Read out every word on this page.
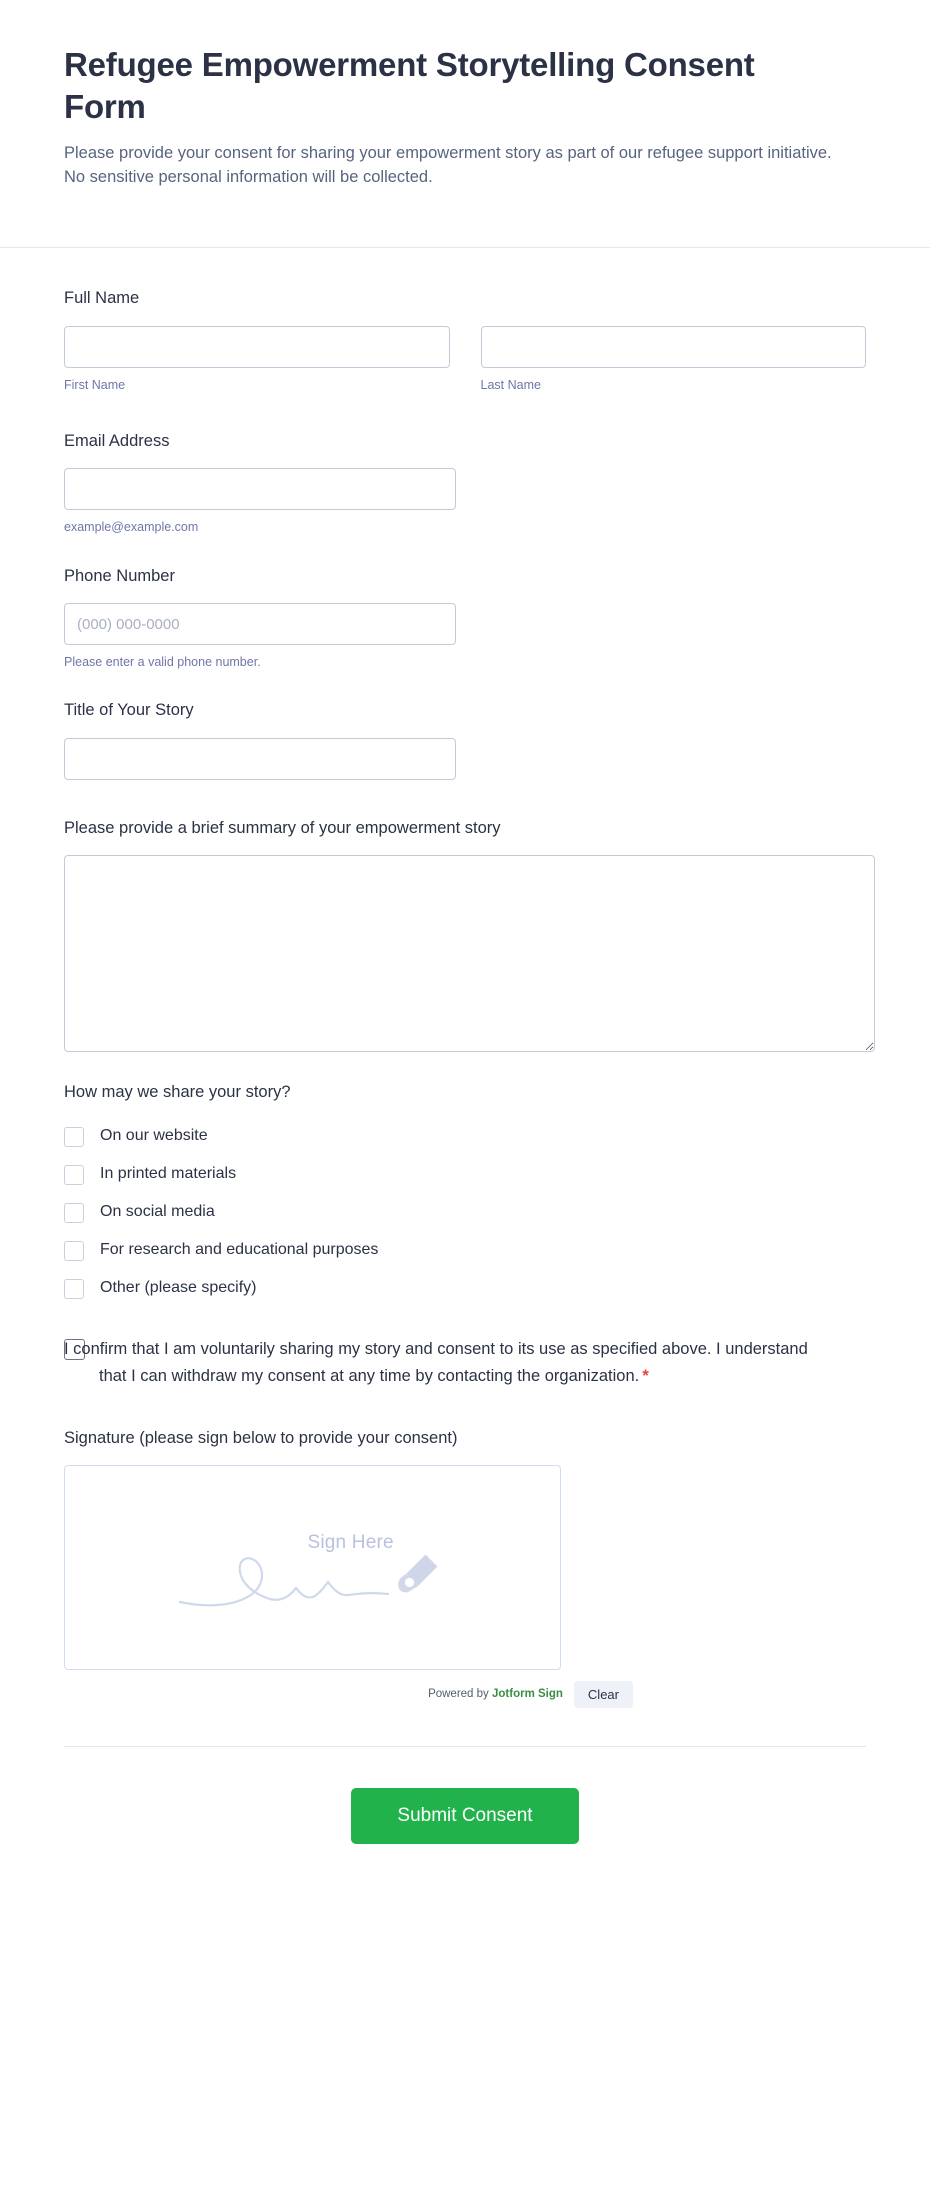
Refugee Empowerment Storytelling Consent Form

Please provide your consent for sharing your empowerment story as part of our refugee support initiative. No sensitive personal information will be collected.

Full Name
First Name	Last Name
Email Address
example@example.com
Phone Number
(000) 000-0000
Please enter a valid phone number.
Title of Your Story
Please provide a brief summary of your empowerment story
How may we share your story?
On our website
In printed materials
On social media
For research and educational purposes
Other (please specify)
I confirm that I am voluntarily sharing my story and consent to its use as specified above. I understand that I can withdraw my consent at any time by contacting the organization. *
Signature (please sign below to provide your consent)
Sign Here
Powered by Jotform Sign	Clear
Submit Consent
